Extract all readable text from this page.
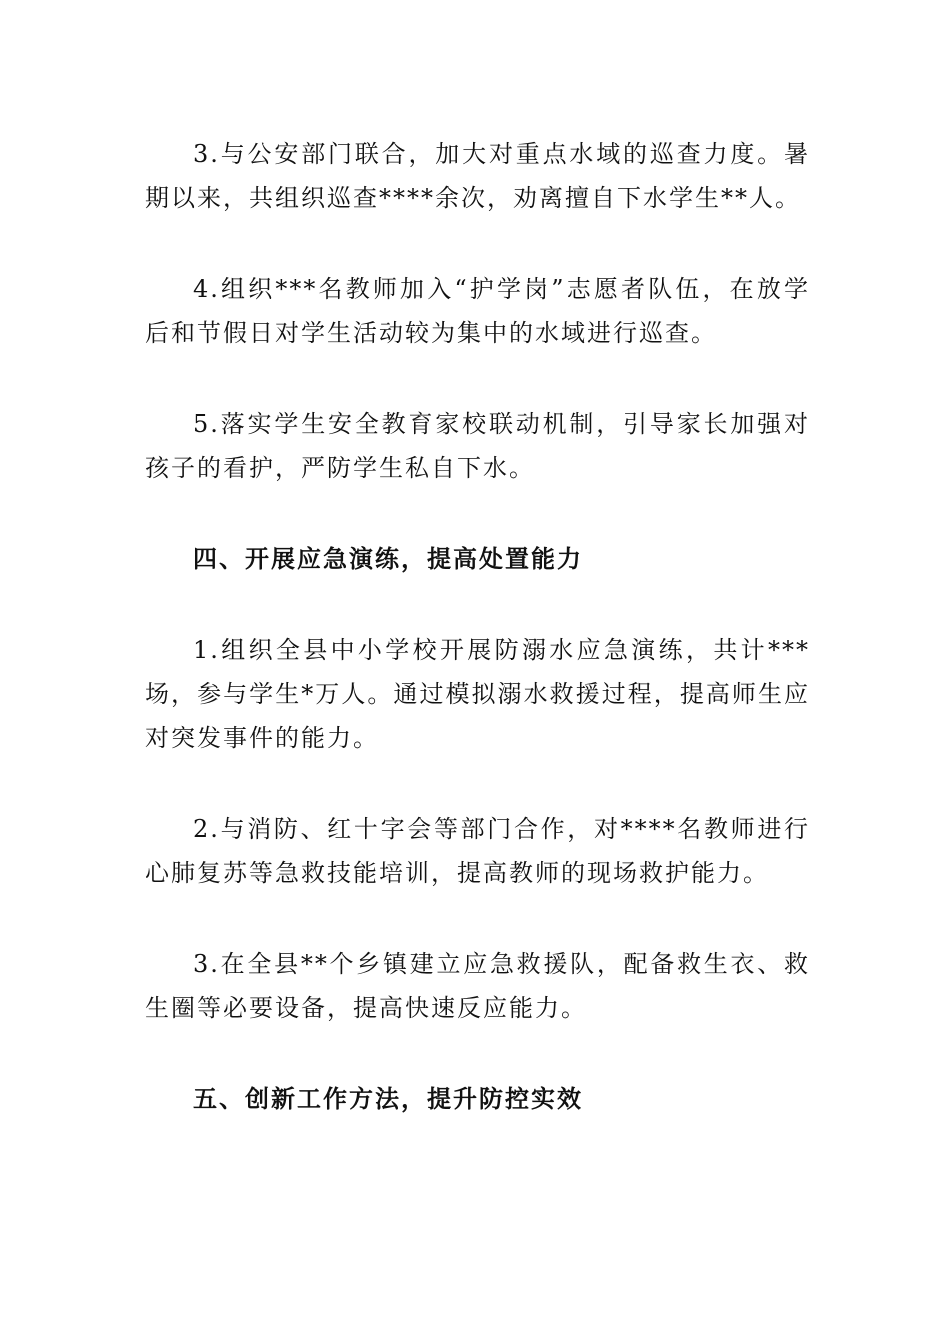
3.与公安部门联合，加大对重点水域的巡查力度。暑期以来，共组织巡查****余次，劝离擅自下水学生**人。

4.组织***名教师加入“护学岗”志愿者队伍，在放学后和节假日对学生活动较为集中的水域进行巡查。

5.落实学生安全教育家校联动机制，引导家长加强对孩子的看护，严防学生私自下水。

四、开展应急演练，提高处置能力

1.组织全县中小学校开展防溺水应急演练，共计***场，参与学生*万人。通过模拟溺水救援过程，提高师生应对突发事件的能力。

2.与消防、红十字会等部门合作，对****名教师进行心肺复苏等急救技能培训，提高教师的现场救护能力。

3.在全县**个乡镇建立应急救援队，配备救生衣、救生圈等必要设备，提高快速反应能力。

五、创新工作方法，提升防控实效
